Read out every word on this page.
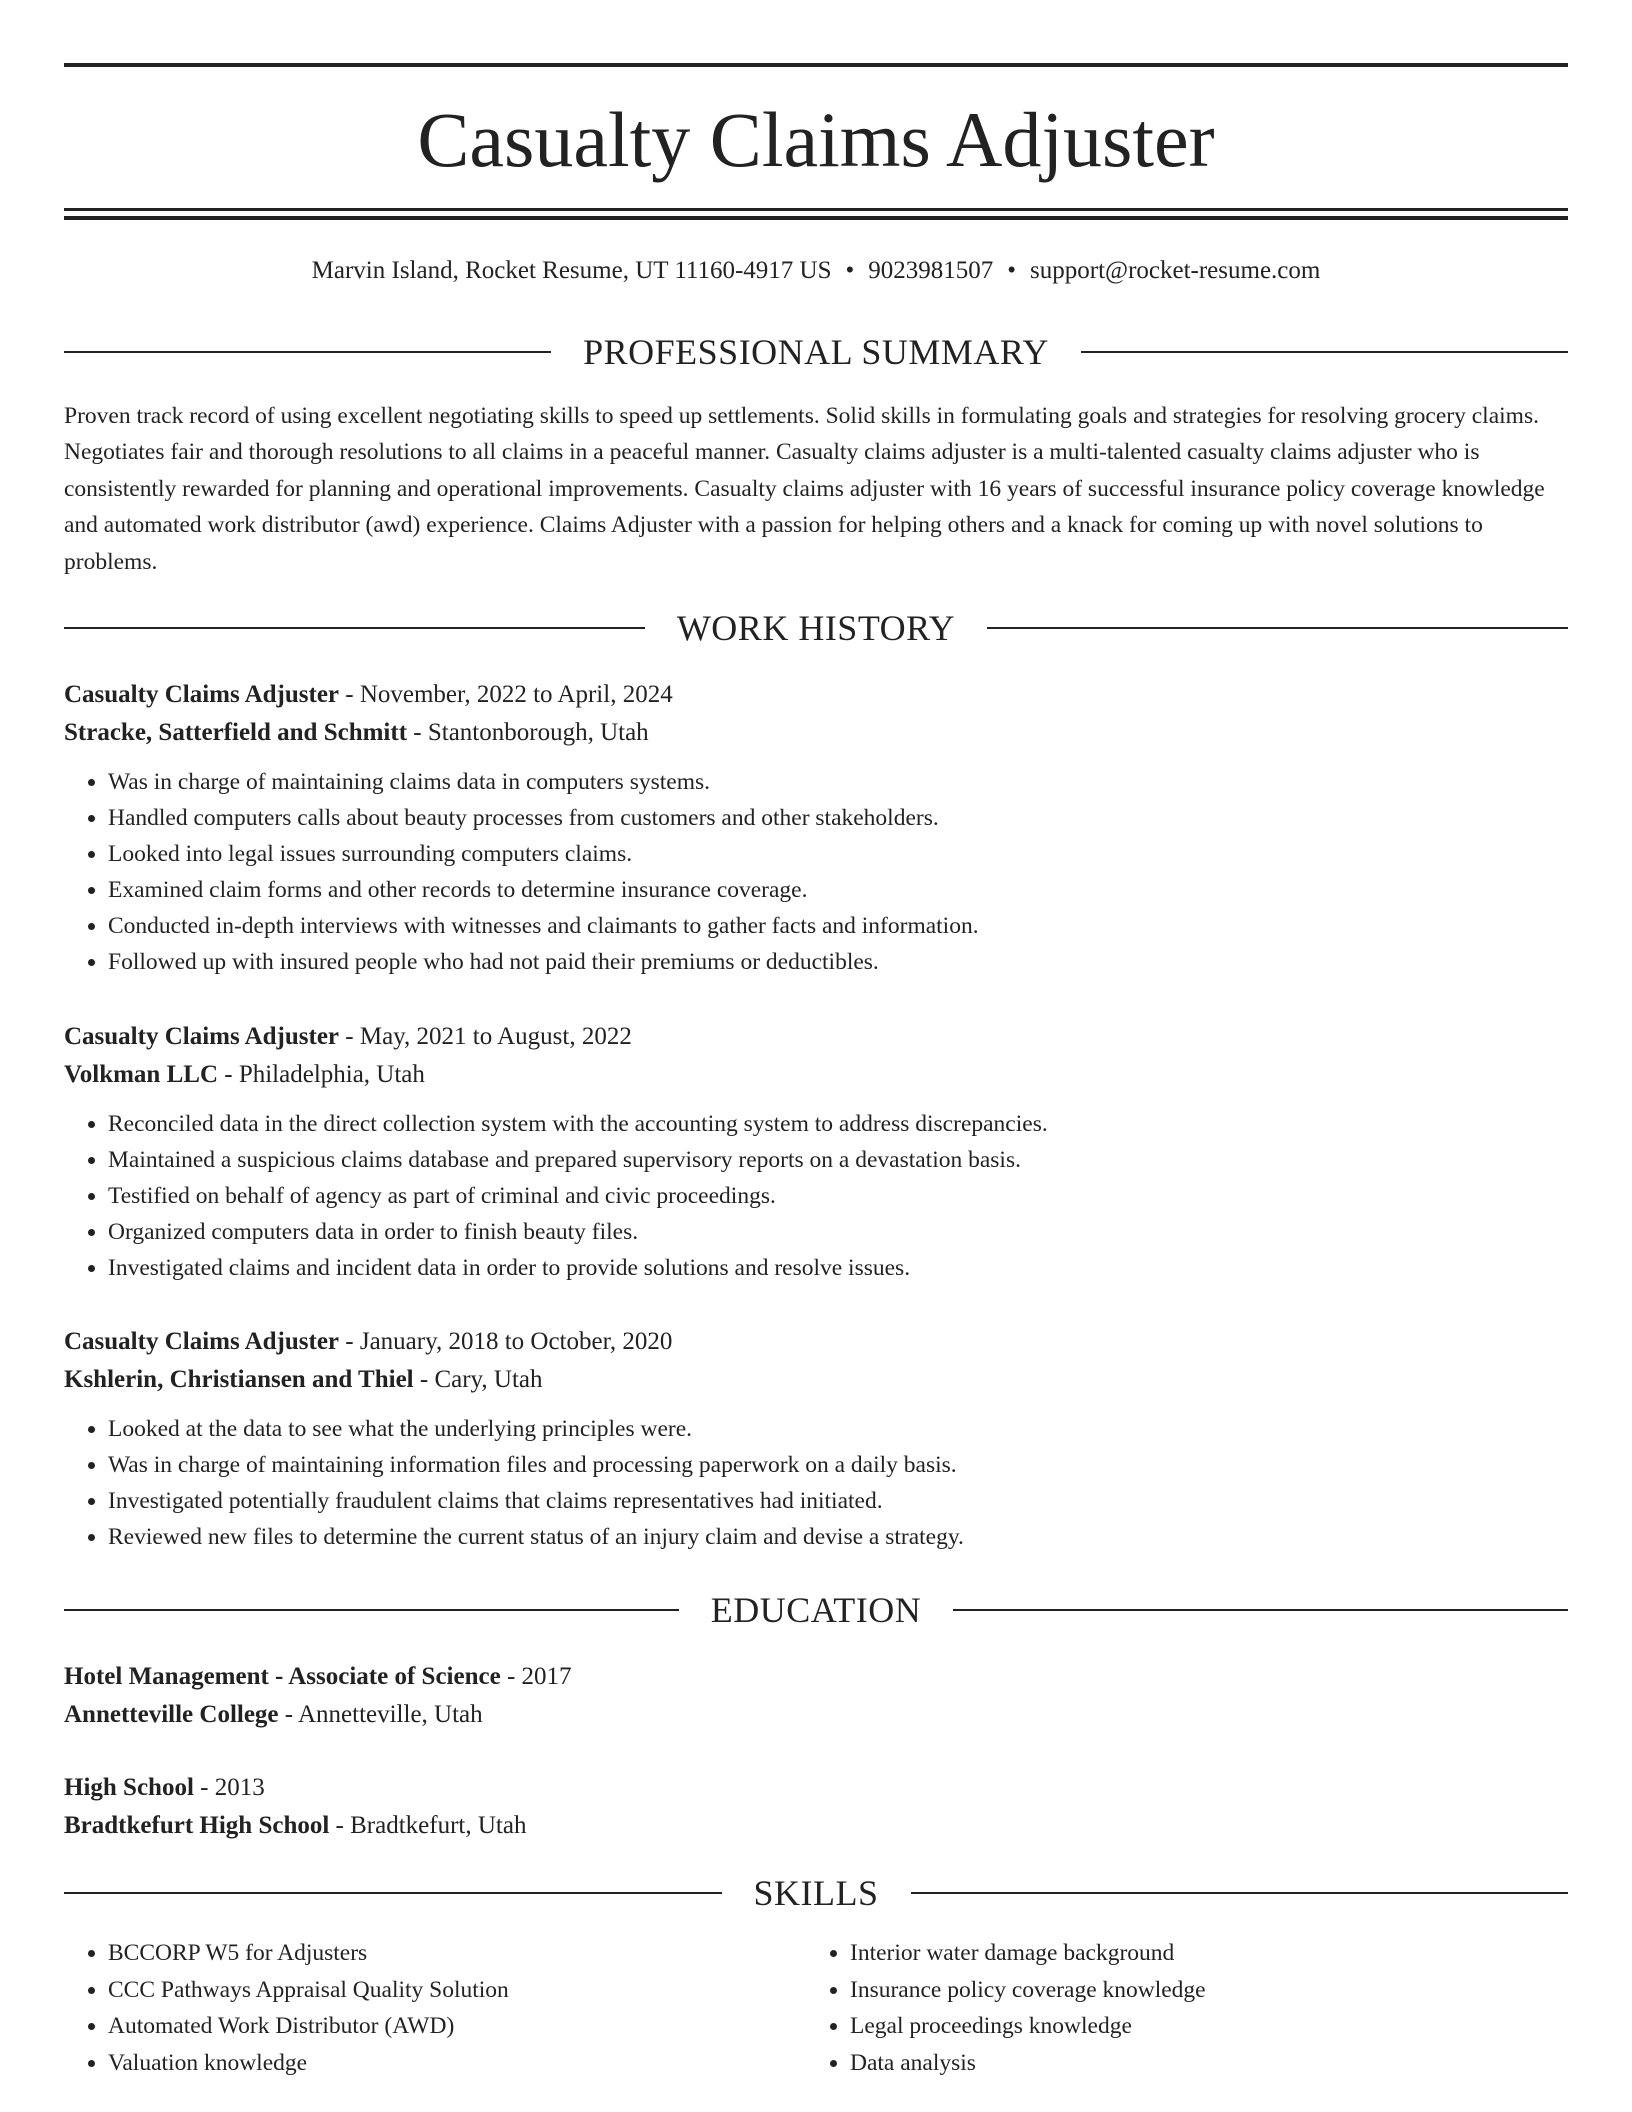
Casualty Claims Adjuster
Marvin Island, Rocket Resume, UT 11160-4917 US • 9023981507 • support@rocket-resume.com
PROFESSIONAL SUMMARY

Proven track record of using excellent negotiating skills to speed up settlements. Solid skills in formulating goals and strategies for resolving grocery claims. Negotiates fair and thorough resolutions to all claims in a peaceful manner. Casualty claims adjuster is a multi-talented casualty claims adjuster who is consistently rewarded for planning and operational improvements. Casualty claims adjuster with 16 years of successful insurance policy coverage knowledge and automated work distributor (awd) experience. Claims Adjuster with a passion for helping others and a knack for coming up with novel solutions to problems.

WORK HISTORY

Casualty Claims Adjuster - November, 2022 to April, 2024

Stracke, Satterfield and Schmitt - Stantonborough, Utah

• Was in charge of maintaining claims data in computers systems.
• Handled computers calls about beauty processes from customers and other stakeholders.
• Looked into legal issues surrounding computers claims.
• Examined claim forms and other records to determine insurance coverage.
• Conducted in-depth interviews with witnesses and claimants to gather facts and information.
• Followed up with insured people who had not paid their premiums or deductibles.

Casualty Claims Adjuster - May, 2021 to August, 2022

Volkman LLC - Philadelphia, Utah

• Reconciled data in the direct collection system with the accounting system to address discrepancies.
• Maintained a suspicious claims database and prepared supervisory reports on a devastation basis.
• Testified on behalf of agency as part of criminal and civic proceedings.
• Organized computers data in order to finish beauty files.
• Investigated claims and incident data in order to provide solutions and resolve issues.

Casualty Claims Adjuster - January, 2018 to October, 2020

Kshlerin, Christiansen and Thiel - Cary, Utah

• Looked at the data to see what the underlying principles were.
• Was in charge of maintaining information files and processing paperwork on a daily basis.
• Investigated potentially fraudulent claims that claims representatives had initiated.
• Reviewed new files to determine the current status of an injury claim and devise a strategy.
EDUCATION

Hotel Management - Associate of Science - 2017

Annetteville College - Annetteville, Utah

High School - 2013

Bradtkefurt High School - Bradtkefurt, Utah

SKILLS
• BCCORP W5 for Adjusters
• CCC Pathways Appraisal Quality Solution
• Automated Work Distributor (AWD)
• Valuation knowledge
• Interior water damage background
• Insurance policy coverage knowledge
• Legal proceedings knowledge
• Data analysis
